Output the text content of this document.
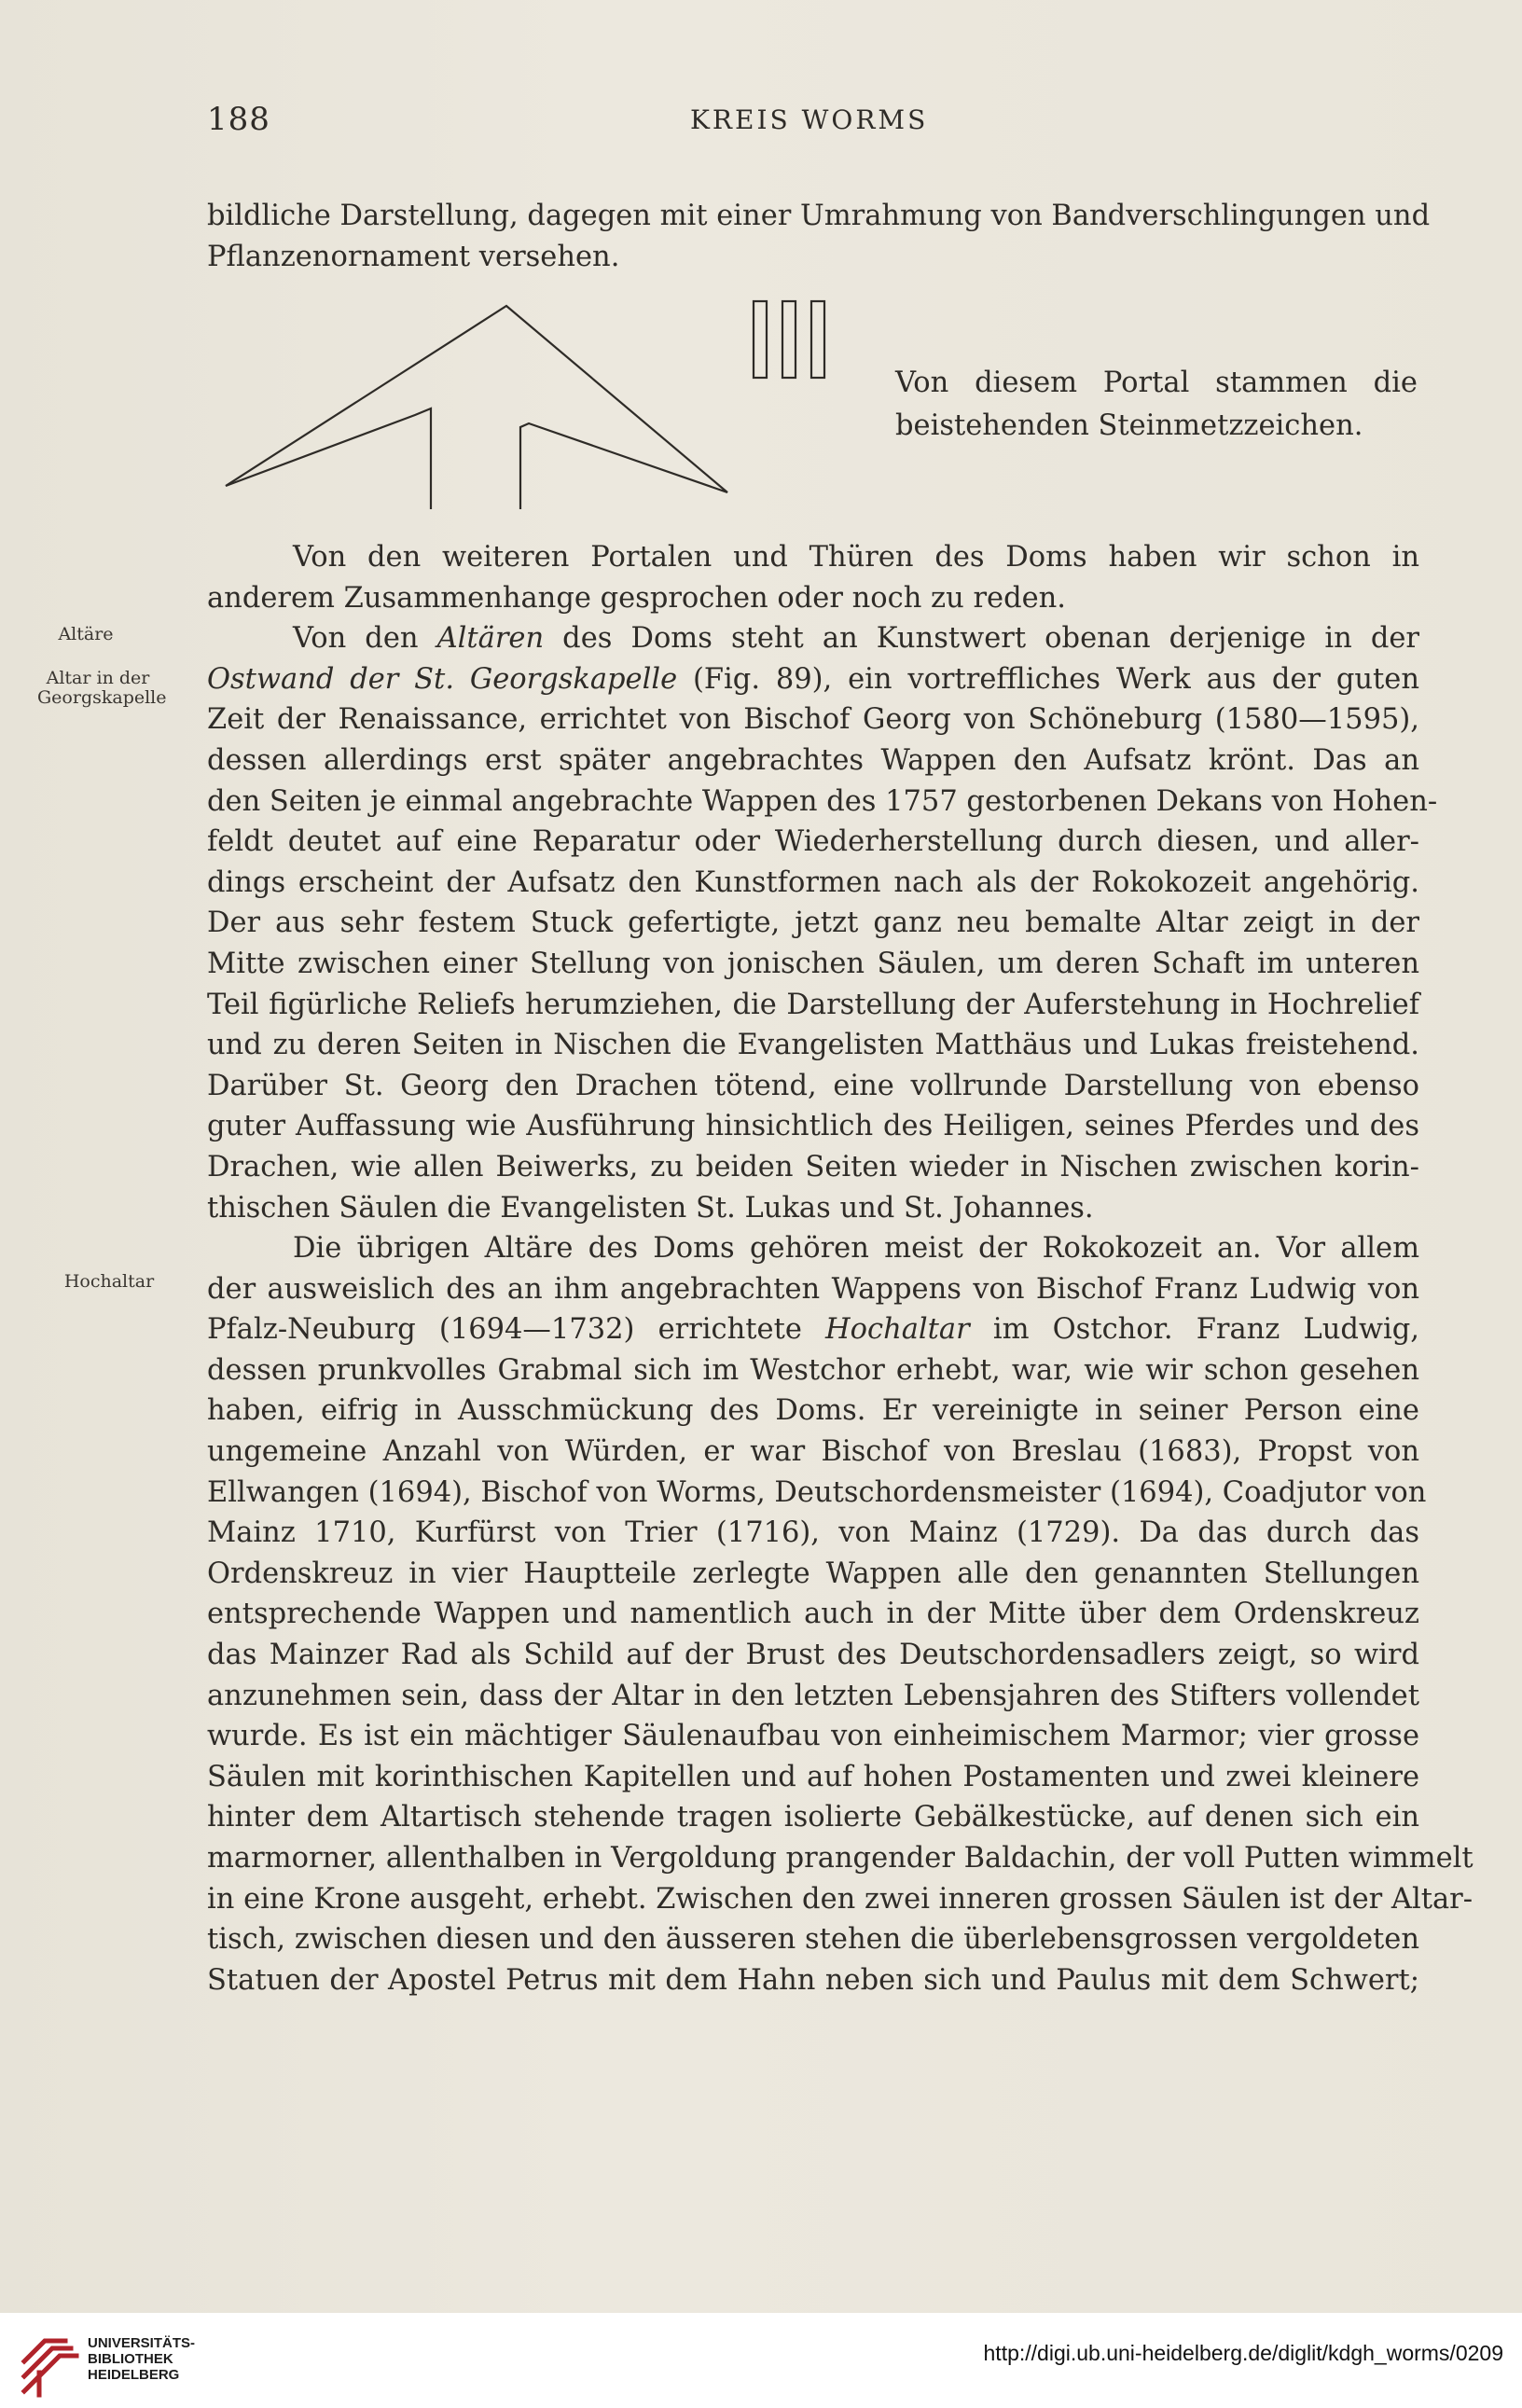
188	KREIS WORMS
bildliche Darstellung, dagegen mit einer Umrahmung von Bandverschlingungen und
Pflanzenornament versehen.
Von diesem Portal stammen die
beistehenden Steinmetzzeichen.
Altäre
Altar in der
Georgskapelle
Hochaltar
Von den weiteren Portalen und Thüren des Doms haben wir schon in
anderem Zusammenhange gesprochen oder noch zu reden.
Von den Altären des Doms steht an Kunstwert obenan derjenige in der
Ostwand der St. Georgskapelle (Fig. 89), ein vortreffliches Werk aus der guten
Zeit der Renaissance, errichtet von Bischof Georg von Schöneburg (1580—1595),
dessen allerdings erst später angebrachtes Wappen den Aufsatz krönt. Das an
den Seiten je einmal angebrachte Wappen des 1757 gestorbenen Dekans von Hohen-
feldt deutet auf eine Reparatur oder Wiederherstellung durch diesen, und aller-
dings erscheint der Aufsatz den Kunstformen nach als der Rokokozeit angehörig.
Der aus sehr festem Stuck gefertigte, jetzt ganz neu bemalte Altar zeigt in der
Mitte zwischen einer Stellung von jonischen Säulen, um deren Schaft im unteren
Teil figürliche Reliefs herumziehen, die Darstellung der Auferstehung in Hochrelief
und zu deren Seiten in Nischen die Evangelisten Matthäus und Lukas freistehend.
Darüber St. Georg den Drachen tötend, eine vollrunde Darstellung von ebenso
guter Auffassung wie Ausführung hinsichtlich des Heiligen, seines Pferdes und des
Drachen, wie allen Beiwerks, zu beiden Seiten wieder in Nischen zwischen korin-
thischen Säulen die Evangelisten St. Lukas und St. Johannes.
Die übrigen Altäre des Doms gehören meist der Rokokozeit an. Vor allem
der ausweislich des an ihm angebrachten Wappens von Bischof Franz Ludwig von
Pfalz-Neuburg (1694—1732) errichtete Hochaltar im Ostchor. Franz Ludwig,
dessen prunkvolles Grabmal sich im Westchor erhebt, war, wie wir schon gesehen
haben, eifrig in Ausschmückung des Doms. Er vereinigte in seiner Person eine
ungemeine Anzahl von Würden, er war Bischof von Breslau (1683), Propst von
Ellwangen (1694), Bischof von Worms, Deutschordensmeister (1694), Coadjutor von
Mainz 1710, Kurfürst von Trier (1716), von Mainz (1729). Da das durch das
Ordenskreuz in vier Hauptteile zerlegte Wappen alle den genannten Stellungen
entsprechende Wappen und namentlich auch in der Mitte über dem Ordenskreuz
das Mainzer Rad als Schild auf der Brust des Deutschordensadlers zeigt, so wird
anzunehmen sein, dass der Altar in den letzten Lebensjahren des Stifters vollendet
wurde. Es ist ein mächtiger Säulenaufbau von einheimischem Marmor; vier grosse
Säulen mit korinthischen Kapitellen und auf hohen Postamenten und zwei kleinere
hinter dem Altartisch stehende tragen isolierte Gebälkestücke, auf denen sich ein
marmorner, allenthalben in Vergoldung prangender Baldachin, der voll Putten wimmelt
in eine Krone ausgeht, erhebt. Zwischen den zwei inneren grossen Säulen ist der Altar-
tisch, zwischen diesen und den äusseren stehen die überlebensgrossen vergoldeten
Statuen der Apostel Petrus mit dem Hahn neben sich und Paulus mit dem Schwert;
UNIVERSITÄTS-
BIBLIOTHEK
HEIDELBERG
http://digi.ub.uni-heidelberg.de/diglit/kdgh_worms/0209
